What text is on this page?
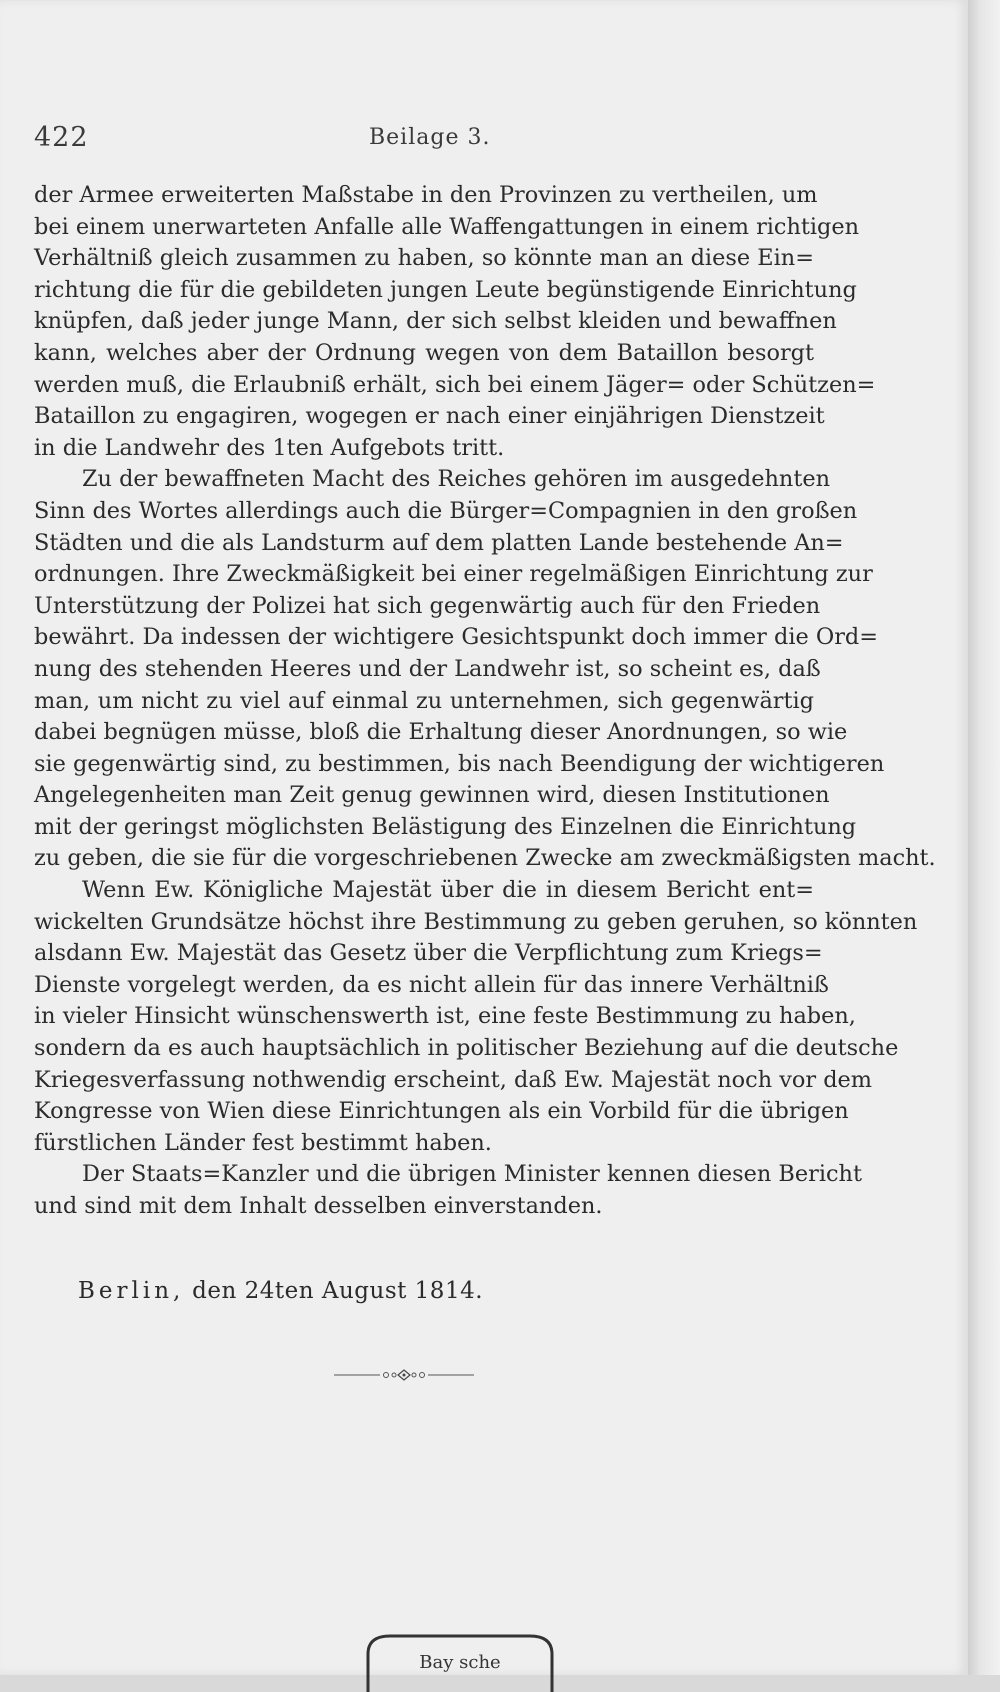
422	Beilage 3.
der Armee erweiterten Maßstabe in den Provinzen zu vertheilen, um
bei einem unerwarteten Anfalle alle Waffengattungen in einem richtigen
Verhältniß gleich zusammen zu haben, so könnte man an diese Ein=
richtung die für die gebildeten jungen Leute begünstigende Einrichtung
knüpfen, daß jeder junge Mann, der sich selbst kleiden und bewaffnen
kann, welches aber der Ordnung wegen von dem Bataillon besorgt
werden muß, die Erlaubniß erhält, sich bei einem Jäger= oder Schützen=
Bataillon zu engagiren, wogegen er nach einer einjährigen Dienstzeit
in die Landwehr des 1ten Aufgebots tritt.
Zu der bewaffneten Macht des Reiches gehören im ausgedehnten
Sinn des Wortes allerdings auch die Bürger=Compagnien in den großen
Städten und die als Landsturm auf dem platten Lande bestehende An=
ordnungen. Ihre Zweckmäßigkeit bei einer regelmäßigen Einrichtung zur
Unterstützung der Polizei hat sich gegenwärtig auch für den Frieden
bewährt. Da indessen der wichtigere Gesichtspunkt doch immer die Ord=
nung des stehenden Heeres und der Landwehr ist, so scheint es, daß
man, um nicht zu viel auf einmal zu unternehmen, sich gegenwärtig
dabei begnügen müsse, bloß die Erhaltung dieser Anordnungen, so wie
sie gegenwärtig sind, zu bestimmen, bis nach Beendigung der wichtigeren
Angelegenheiten man Zeit genug gewinnen wird, diesen Institutionen
mit der geringst möglichsten Belästigung des Einzelnen die Einrichtung
zu geben, die sie für die vorgeschriebenen Zwecke am zweckmäßigsten macht.
Wenn Ew. Königliche Majestät über die in diesem Bericht ent=
wickelten Grundsätze höchst ihre Bestimmung zu geben geruhen, so könnten
alsdann Ew. Majestät das Gesetz über die Verpflichtung zum Kriegs=
Dienste vorgelegt werden, da es nicht allein für das innere Verhältniß
in vieler Hinsicht wünschenswerth ist, eine feste Bestimmung zu haben,
sondern da es auch hauptsächlich in politischer Beziehung auf die deutsche
Kriegesverfassung nothwendig erscheint, daß Ew. Majestät noch vor dem
Kongresse von Wien diese Einrichtungen als ein Vorbild für die übrigen
fürstlichen Länder fest bestimmt haben.
Der Staats=Kanzler und die übrigen Minister kennen diesen Bericht
und sind mit dem Inhalt desselben einverstanden.
Berlin, den 24ten August 1814.
Bay sche
